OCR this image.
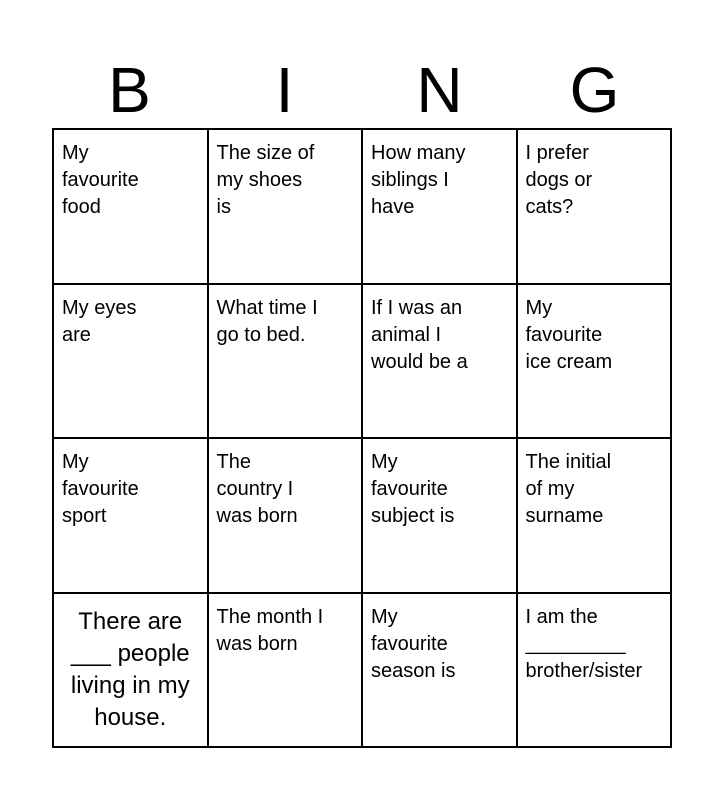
B	I	N	G
My favourite food
The size of my shoes is
How many siblings I have
I prefer dogs or cats?
My eyes are
What time I go to bed.
If I was an animal I would be a
My favourite ice cream
My favourite sport
The country I was born
My favourite subject is
The initial of my surname
There are ___ people living in my house.
The month I was born
My favourite season is
I am the _________ brother/sister
